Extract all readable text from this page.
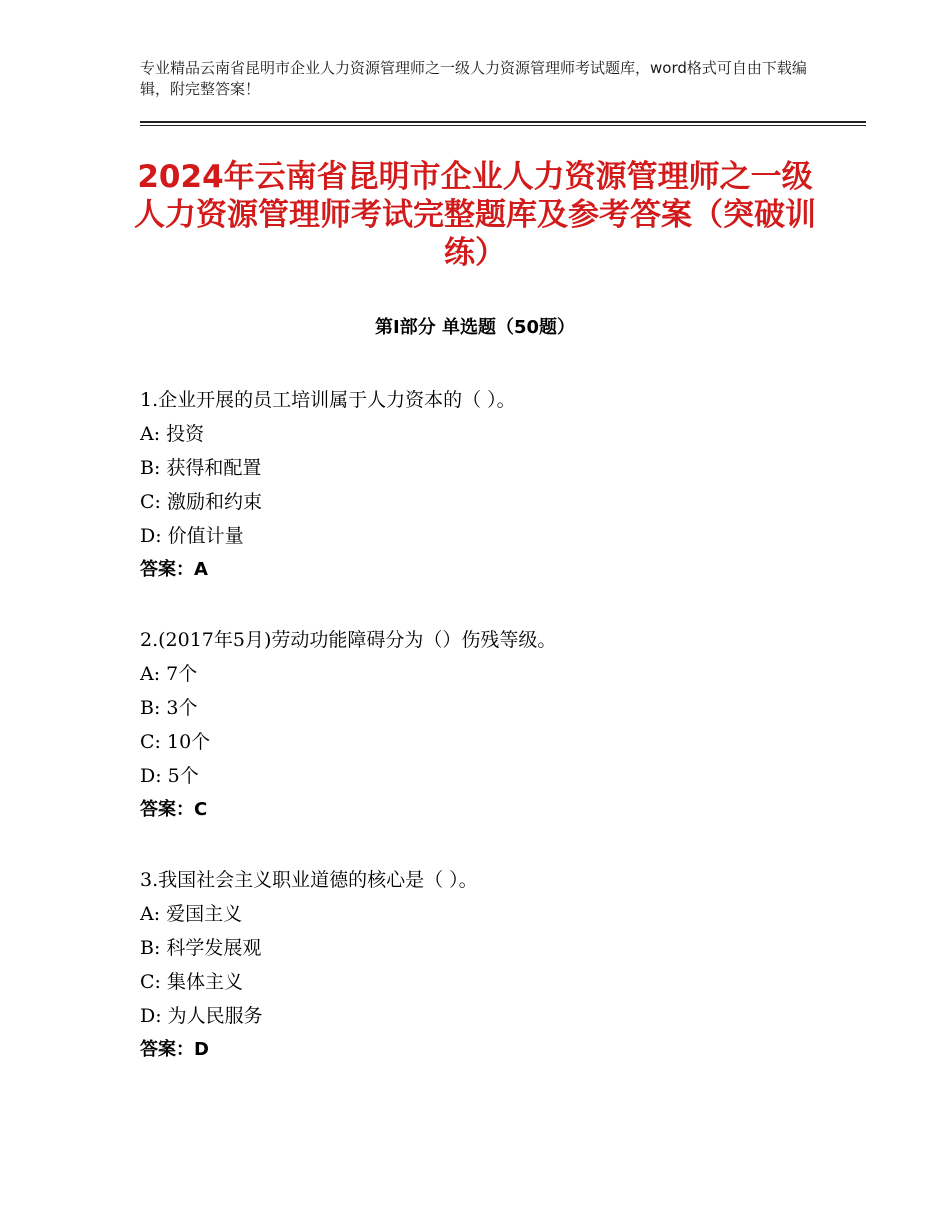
专业精品云南省昆明市企业人力资源管理师之一级人力资源管理师考试题库，word格式可自由下载编辑，附完整答案！
2024年云南省昆明市企业人力资源管理师之一级人力资源管理师考试完整题库及参考答案（突破训练）
第Ⅰ部分 单选题（50题）
1.企业开展的员工培训属于人力资本的（ ）。
A: 投资
B: 获得和配置
C: 激励和约束
D: 价值计量
答案：A
2.(2017年5月)劳动功能障碍分为（）伤残等级。
A: 7个
B: 3个
C: 10个
D: 5个
答案：C
3.我国社会主义职业道德的核心是（ ）。
A: 爱国主义
B: 科学发展观
C: 集体主义
D: 为人民服务
答案：D
